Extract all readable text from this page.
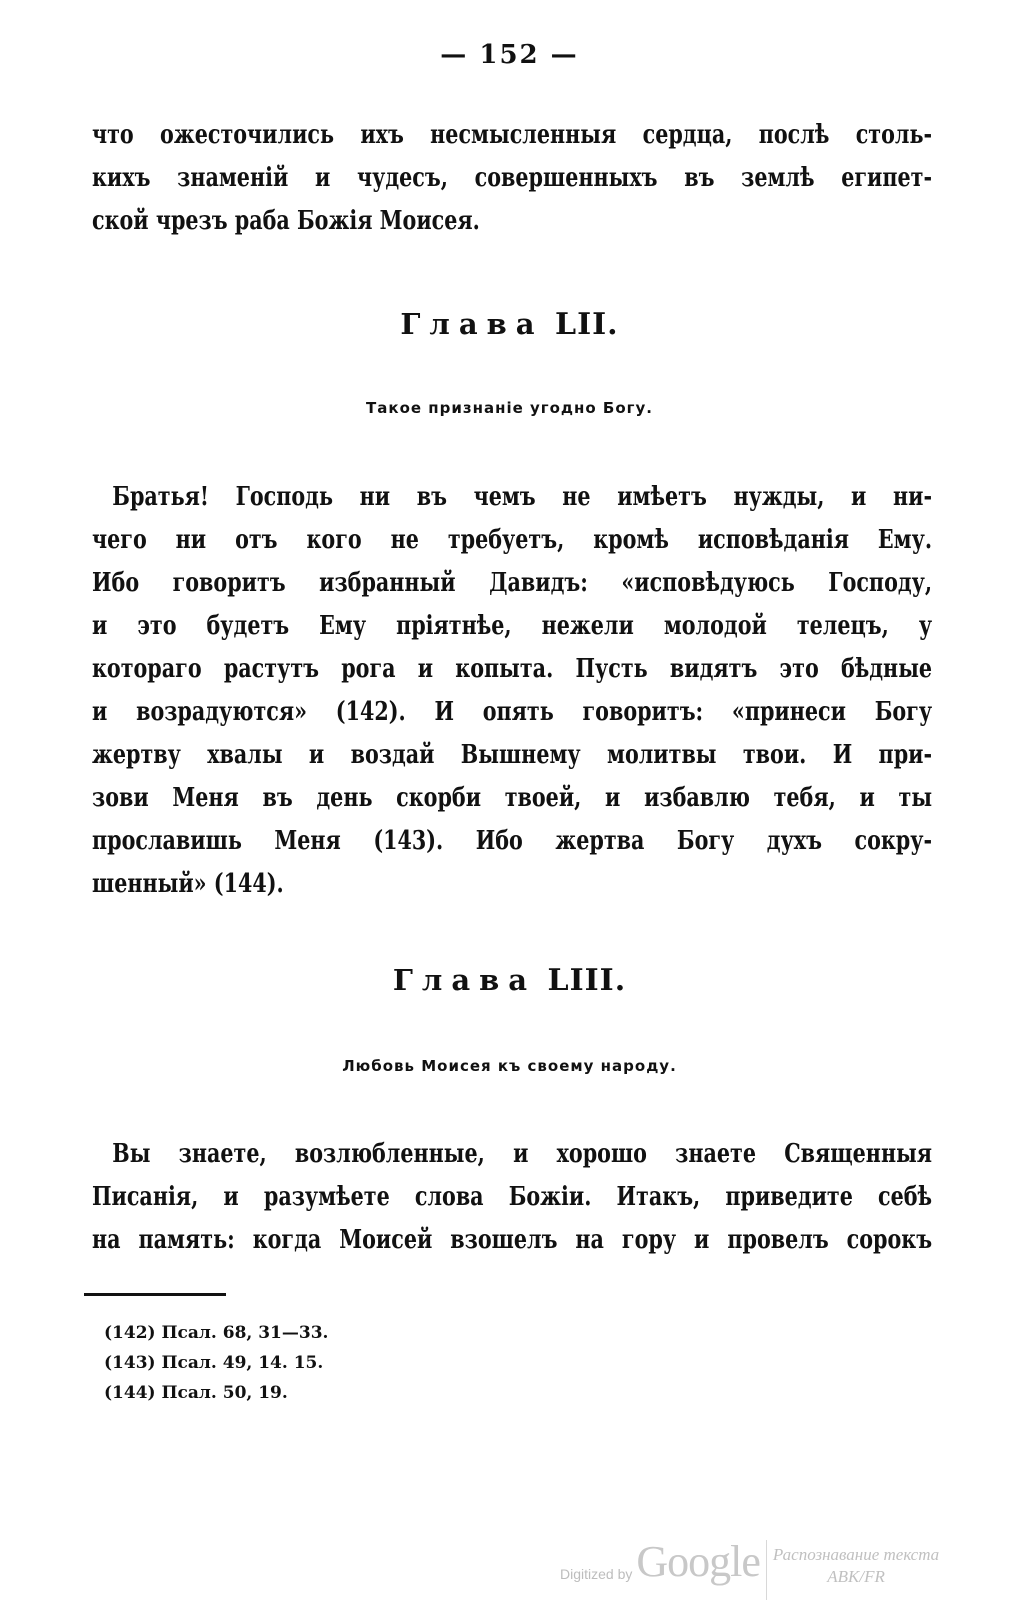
— 152 —
что ожесточились ихъ несмысленныя сердца, послѣ столь-
кихъ знаменій и чудесъ, совершенныхъ въ землѣ египет-
ской чрезъ раба Божія Моисея.
Глава LII.
Такое признаніе угодно Богу.
Братья! Господь ни въ чемъ не имѣетъ нужды, и ни-
чего ни отъ кого не требуетъ, кромѣ исповѣданія Ему.
Ибо говоритъ избранный Давидъ: «исповѣдуюсь Господу,
и это будетъ Ему пріятнѣе, нежели молодой телецъ, у
котораго растутъ рога и копыта. Пусть видятъ это бѣдные
и возрадуются» (142). И опять говоритъ: «принеси Богу
жертву хвалы и воздай Вышнему молитвы твои. И при-
зови Меня въ день скорби твоей, и избавлю тебя, и ты
прославишь Меня (143). Ибо жертва Богу духъ сокру-
шенный» (144).
Глава LIII.
Любовь Моисея къ своему народу.
Вы знаете, возлюбленные, и хорошо знаете Священныя
Писанія, и разумѣете слова Божіи. Итакъ, приведите себѣ
на память: когда Моисей взошелъ на гору и провелъ сорокъ
(142) Псал. 68, 31—33.
(143) Псал. 49, 14. 15.
(144) Псал. 50, 19.
Digitized by Google Распознавание текста
ABK/FR
